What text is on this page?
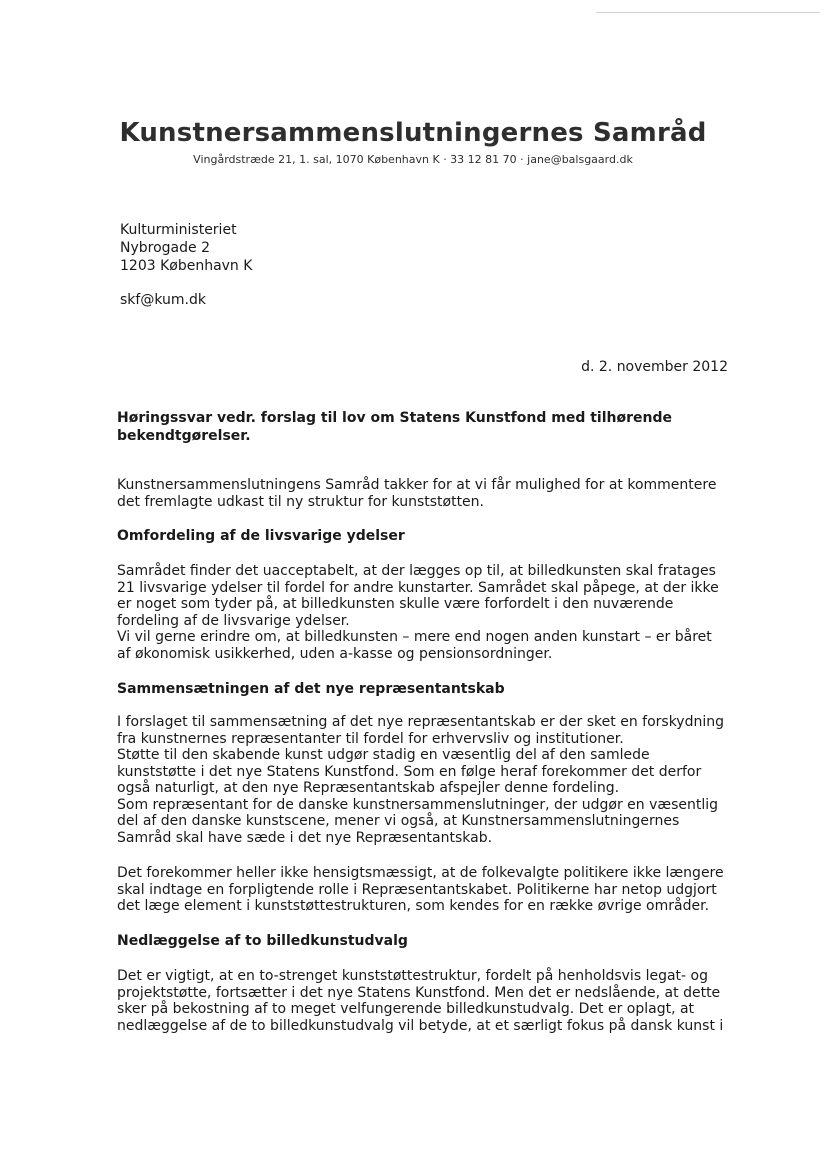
Kunstnersammenslutningernes Samråd
Vingårdstræde 21, 1. sal, 1070 København K · 33 12 81 70 · jane@balsgaard.dk
Kulturministeriet
Nybrogade 2
1203 København K
skf@kum.dk
d. 2. november 2012
Høringssvar vedr. forslag til lov om Statens Kunstfond med tilhørende bekendtgørelser.
Kunstnersammenslutningens Samråd takker for at vi får mulighed for at kommentere
det fremlagte udkast til ny struktur for kunststøtten.
Omfordeling af de livsvarige ydelser
Samrådet finder det uacceptabelt, at der lægges op til, at billedkunsten skal fratages
21 livsvarige ydelser til fordel for andre kunstarter. Samrådet skal påpege, at der ikke
er noget som tyder på, at billedkunsten skulle være forfordelt i den nuværende
fordeling af de livsvarige ydelser.
Vi vil gerne erindre om, at billedkunsten – mere end nogen anden kunstart – er båret
af økonomisk usikkerhed, uden a-kasse og pensionsordninger.
Sammensætningen af det nye repræsentantskab
I forslaget til sammensætning af det nye repræsentantskab er der sket en forskydning
fra kunstnernes repræsentanter til fordel for erhvervsliv og institutioner.
Støtte til den skabende kunst udgør stadig en væsentlig del af den samlede
kunststøtte i det nye Statens Kunstfond. Som en følge heraf forekommer det derfor
også naturligt, at den nye Repræsentantskab afspejler denne fordeling.
Som repræsentant for de danske kunstnersammenslutninger, der udgør en væsentlig
del af den danske kunstscene, mener vi også, at Kunstnersammenslutningernes
Samråd skal have sæde i det nye Repræsentantskab.
Det forekommer heller ikke hensigtsmæssigt, at de folkevalgte politikere ikke længere
skal indtage en forpligtende rolle i Repræsentantskabet. Politikerne har netop udgjort
det læge element i kunststøttestrukturen, som kendes for en række øvrige områder.
Nedlæggelse af to billedkunstudvalg
Det er vigtigt, at en to-strenget kunststøttestruktur, fordelt på henholdsvis legat- og
projektstøtte, fortsætter i det nye Statens Kunstfond. Men det er nedslående, at dette
sker på bekostning af to meget velfungerende billedkunstudvalg. Det er oplagt, at
nedlæggelse af de to billedkunstudvalg vil betyde, at et særligt fokus på dansk kunst i
